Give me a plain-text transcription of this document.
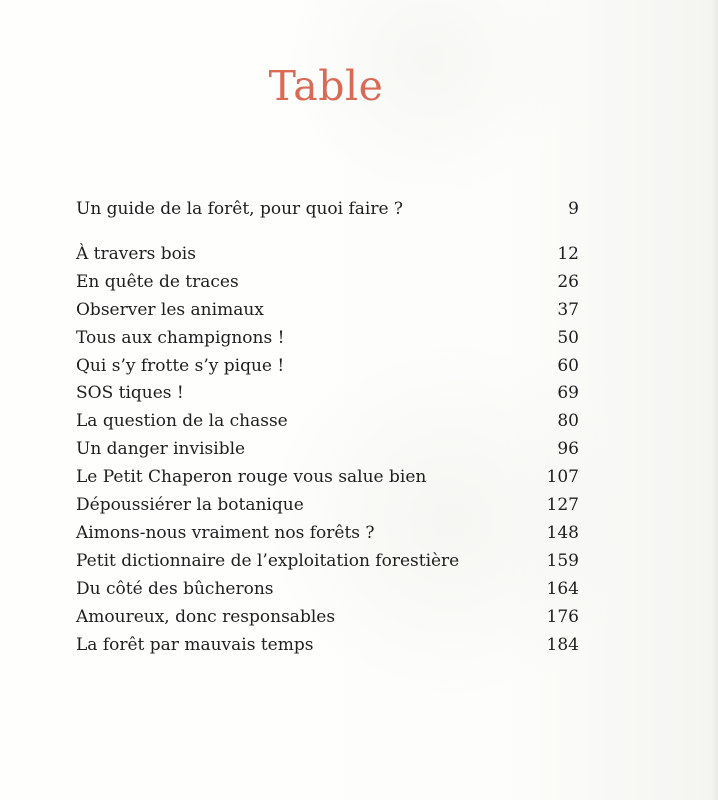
Table
Un guide de la forêt, pour quoi faire ?	9
À travers bois	12
En quête de traces	26
Observer les animaux	37
Tous aux champignons !	50
Qui s’y frotte s’y pique !	60
SOS tiques !	69
La question de la chasse	80
Un danger invisible	96
Le Petit Chaperon rouge vous salue bien	107
Dépoussiérer la botanique	127
Aimons-nous vraiment nos forêts ?	148
Petit dictionnaire de l’exploitation forestière	159
Du côté des bûcherons	164
Amoureux, donc responsables	176
La forêt par mauvais temps	184
